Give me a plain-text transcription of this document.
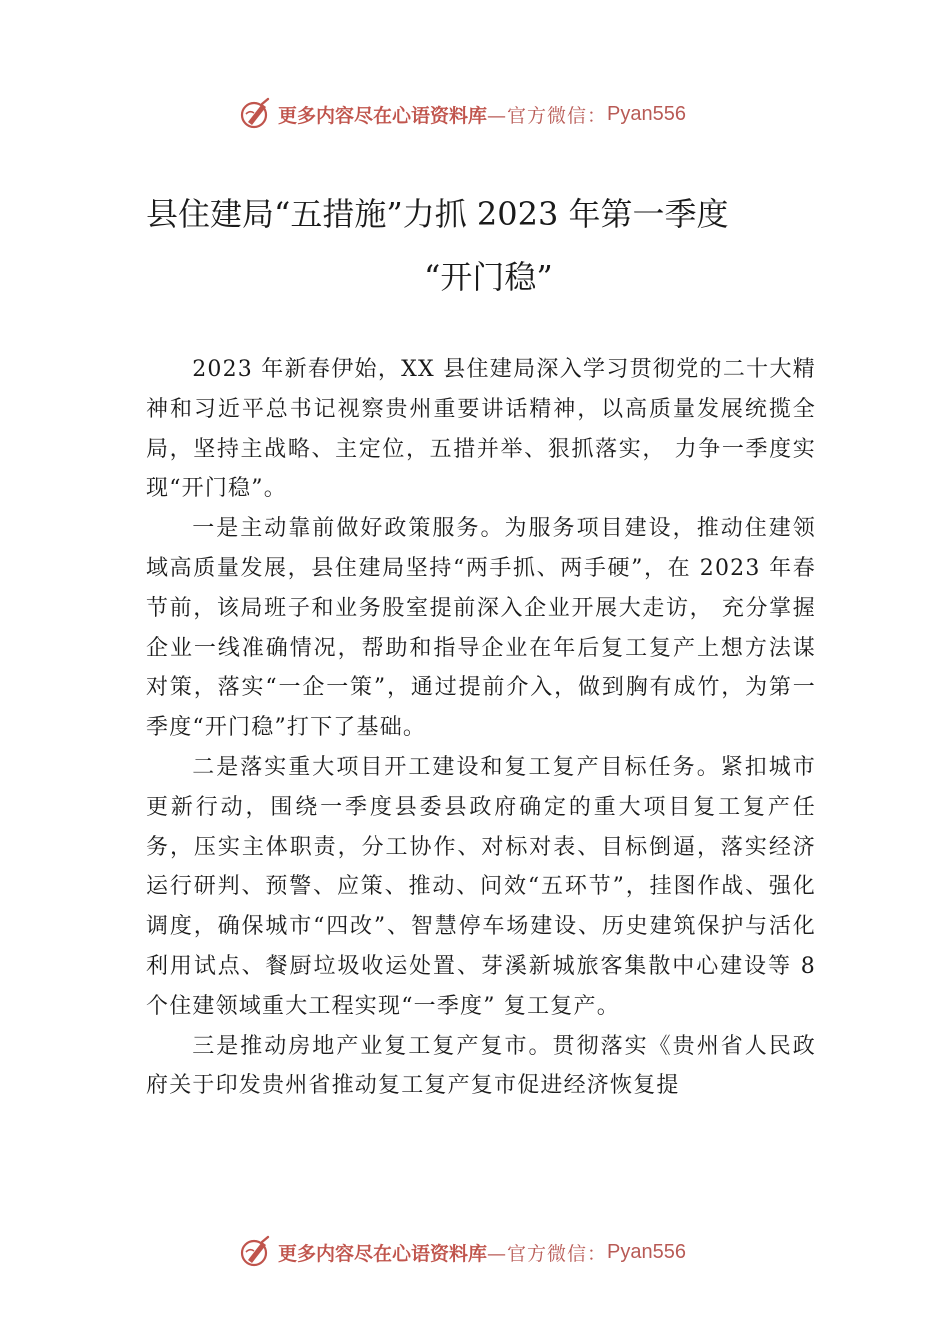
更多内容尽在心语资料库 —官方微信： Pyan556
县住建局“五措施”力抓 2023 年第一季度
“开门稳”

2023 年新春伊始，XX 县住建局深入学习贯彻党的二十大精神和习近平总书记视察贵州重要讲话精神，以高质量发展统揽全局，坚持主战略、主定位，五措并举、狠抓落实， 力争一季度实现“开门稳”。

一是主动靠前做好政策服务。为服务项目建设，推动住建领域高质量发展，县住建局坚持“两手抓、两手硬”，在 2023 年春节前，该局班子和业务股室提前深入企业开展大走访， 充分掌握企业一线准确情况，帮助和指导企业在年后复工复产上想方法谋对策，落实“一企一策”，通过提前介入，做到胸有成竹，为第一季度“开门稳”打下了基础。

二是落实重大项目开工建设和复工复产目标任务。紧扣城市更新行动，围绕一季度县委县政府确定的重大项目复工复产任务，压实主体职责，分工协作、对标对表、目标倒逼，落实经济运行研判、预警、应策、推动、问效“五环节”，挂图作战、强化调度，确保城市“四改”、智慧停车场建设、历史建筑保护与活化利用试点、餐厨垃圾收运处置、芽溪新城旅客集散中心建设等 8 个住建领域重大工程实现“一季度” 复工复产。

三是推动房地产业复工复产复市。贯彻落实《贵州省人民政府关于印发贵州省推动复工复产复市促进经济恢复提

更多内容尽在心语资料库 —官方微信： Pyan556
